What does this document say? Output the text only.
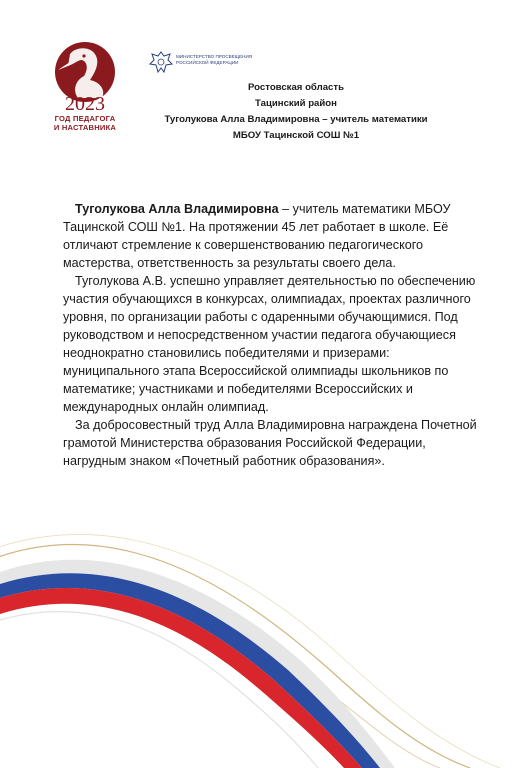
2023
ГОД ПЕДАГОГА
И НАСТАВНИКА
МИНИСТЕРСТВО ПРОСВЕЩЕНИЯ
РОССИЙСКОЙ ФЕДЕРАЦИИ
Ростовская область
Тацинский район
Туголукова Алла Владимировна – учитель математики
МБОУ Тацинской СОШ №1
Туголукова Алла Владимировна – учитель математики МБОУ
Тацинской СОШ №1. На протяжении 45 лет работает в школе. Её
отличают стремление к совершенствованию педагогического
мастерства, ответственность за результаты своего дела.
Туголукова А.В. успешно управляет деятельностью по обеспечению
участия обучающихся в конкурсах, олимпиадах, проектах различного
уровня, по организации работы с одаренными обучающимися. Под
руководством и непосредственном участии педагога обучающиеся
неоднократно становились победителями и призерами:
муниципального этапа Всероссийской олимпиады школьников по
математике; участниками и победителями Всероссийских и
международных онлайн олимпиад.
За добросовестный труд Алла Владимировна награждена Почетной
грамотой Министерства образования Российской Федерации,
нагрудным знаком «Почетный работник образования».
